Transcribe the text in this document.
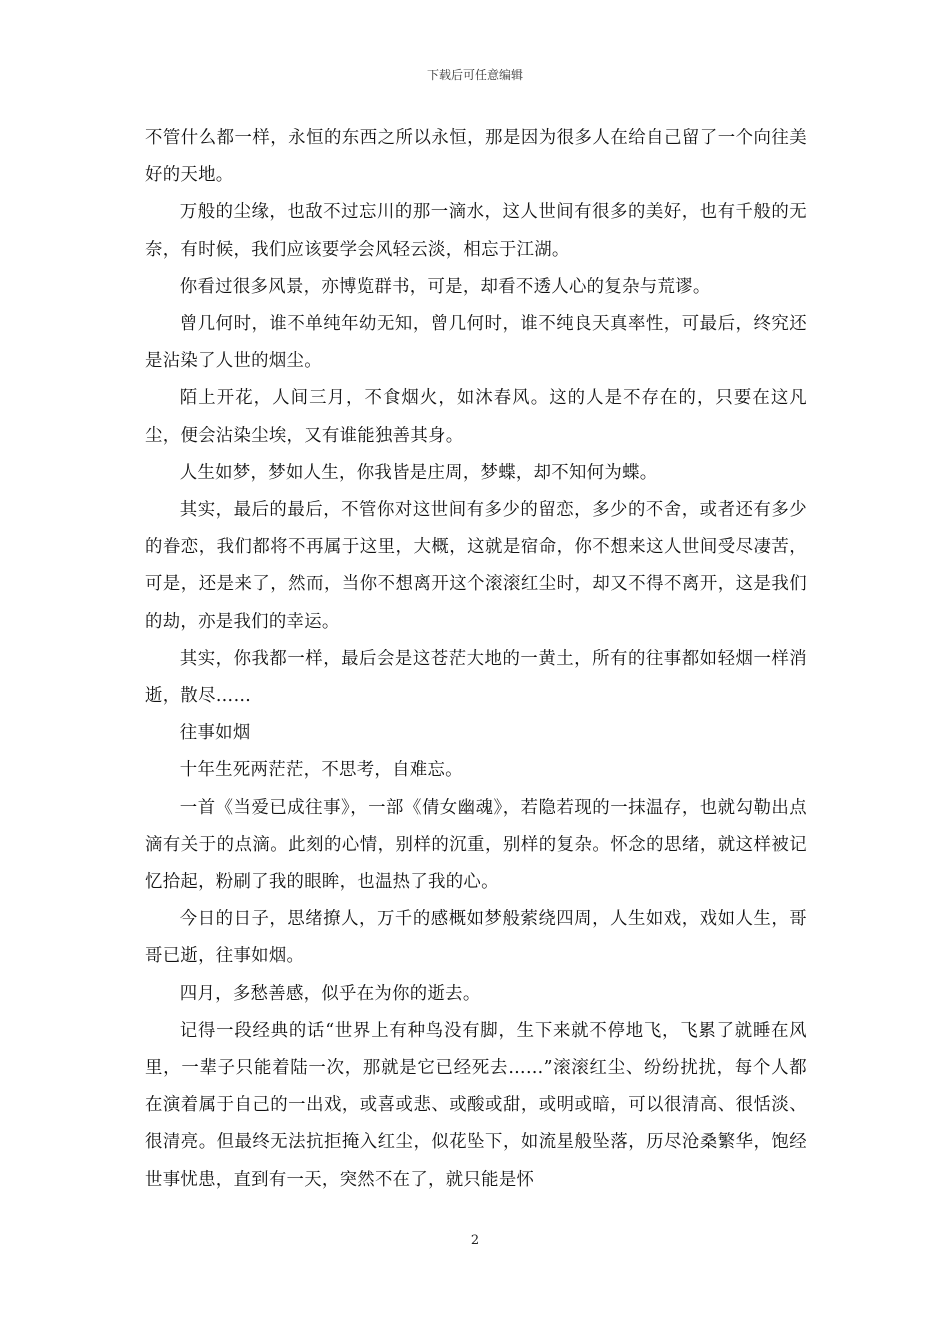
下载后可任意编辑

不管什么都一样，永恒的东西之所以永恒，那是因为很多人在给自己留了一个向往美好的天地。

万般的尘缘，也敌不过忘川的那一滴水，这人世间有很多的美好，也有千般的无奈，有时候，我们应该要学会风轻云淡，相忘于江湖。

你看过很多风景，亦博览群书，可是，却看不透人心的复杂与荒谬。

曾几何时，谁不单纯年幼无知，曾几何时，谁不纯良天真率性，可最后，终究还是沾染了人世的烟尘。

陌上开花，人间三月，不食烟火，如沐春风。这的人是不存在的，只要在这凡尘，便会沾染尘埃，又有谁能独善其身。

人生如梦，梦如人生，你我皆是庄周，梦蝶，却不知何为蝶。

其实，最后的最后，不管你对这世间有多少的留恋，多少的不舍，或者还有多少的眷恋，我们都将不再属于这里，大概，这就是宿命，你不想来这人世间受尽凄苦，可是，还是来了，然而，当你不想离开这个滚滚红尘时，却又不得不离开，这是我们的劫，亦是我们的幸运。

其实，你我都一样，最后会是这苍茫大地的一黄土，所有的往事都如轻烟一样消逝，散尽……

往事如烟

十年生死两茫茫，不思考，自难忘。

一首《当爱已成往事》，一部《倩女幽魂》，若隐若现的一抹温存，也就勾勒出点滴有关于的点滴。此刻的心情，别样的沉重，别样的复杂。怀念的思绪，就这样被记忆拾起，粉刷了我的眼眸，也温热了我的心。

今日的日子，思绪撩人，万千的感概如梦般萦绕四周，人生如戏，戏如人生，哥哥已逝，往事如烟。

四月，多愁善感，似乎在为你的逝去。

记得一段经典的话“世界上有种鸟没有脚，生下来就不停地飞，飞累了就睡在风里，一辈子只能着陆一次，那就是它已经死去……”滚滚红尘、纷纷扰扰，每个人都在演着属于自己的一出戏，或喜或悲、或酸或甜，或明或暗，可以很清高、很恬淡、很清亮。但最终无法抗拒掩入红尘，似花坠下，如流星般坠落，历尽沧桑繁华，饱经世事忧患，直到有一天，突然不在了，就只能是怀

2
